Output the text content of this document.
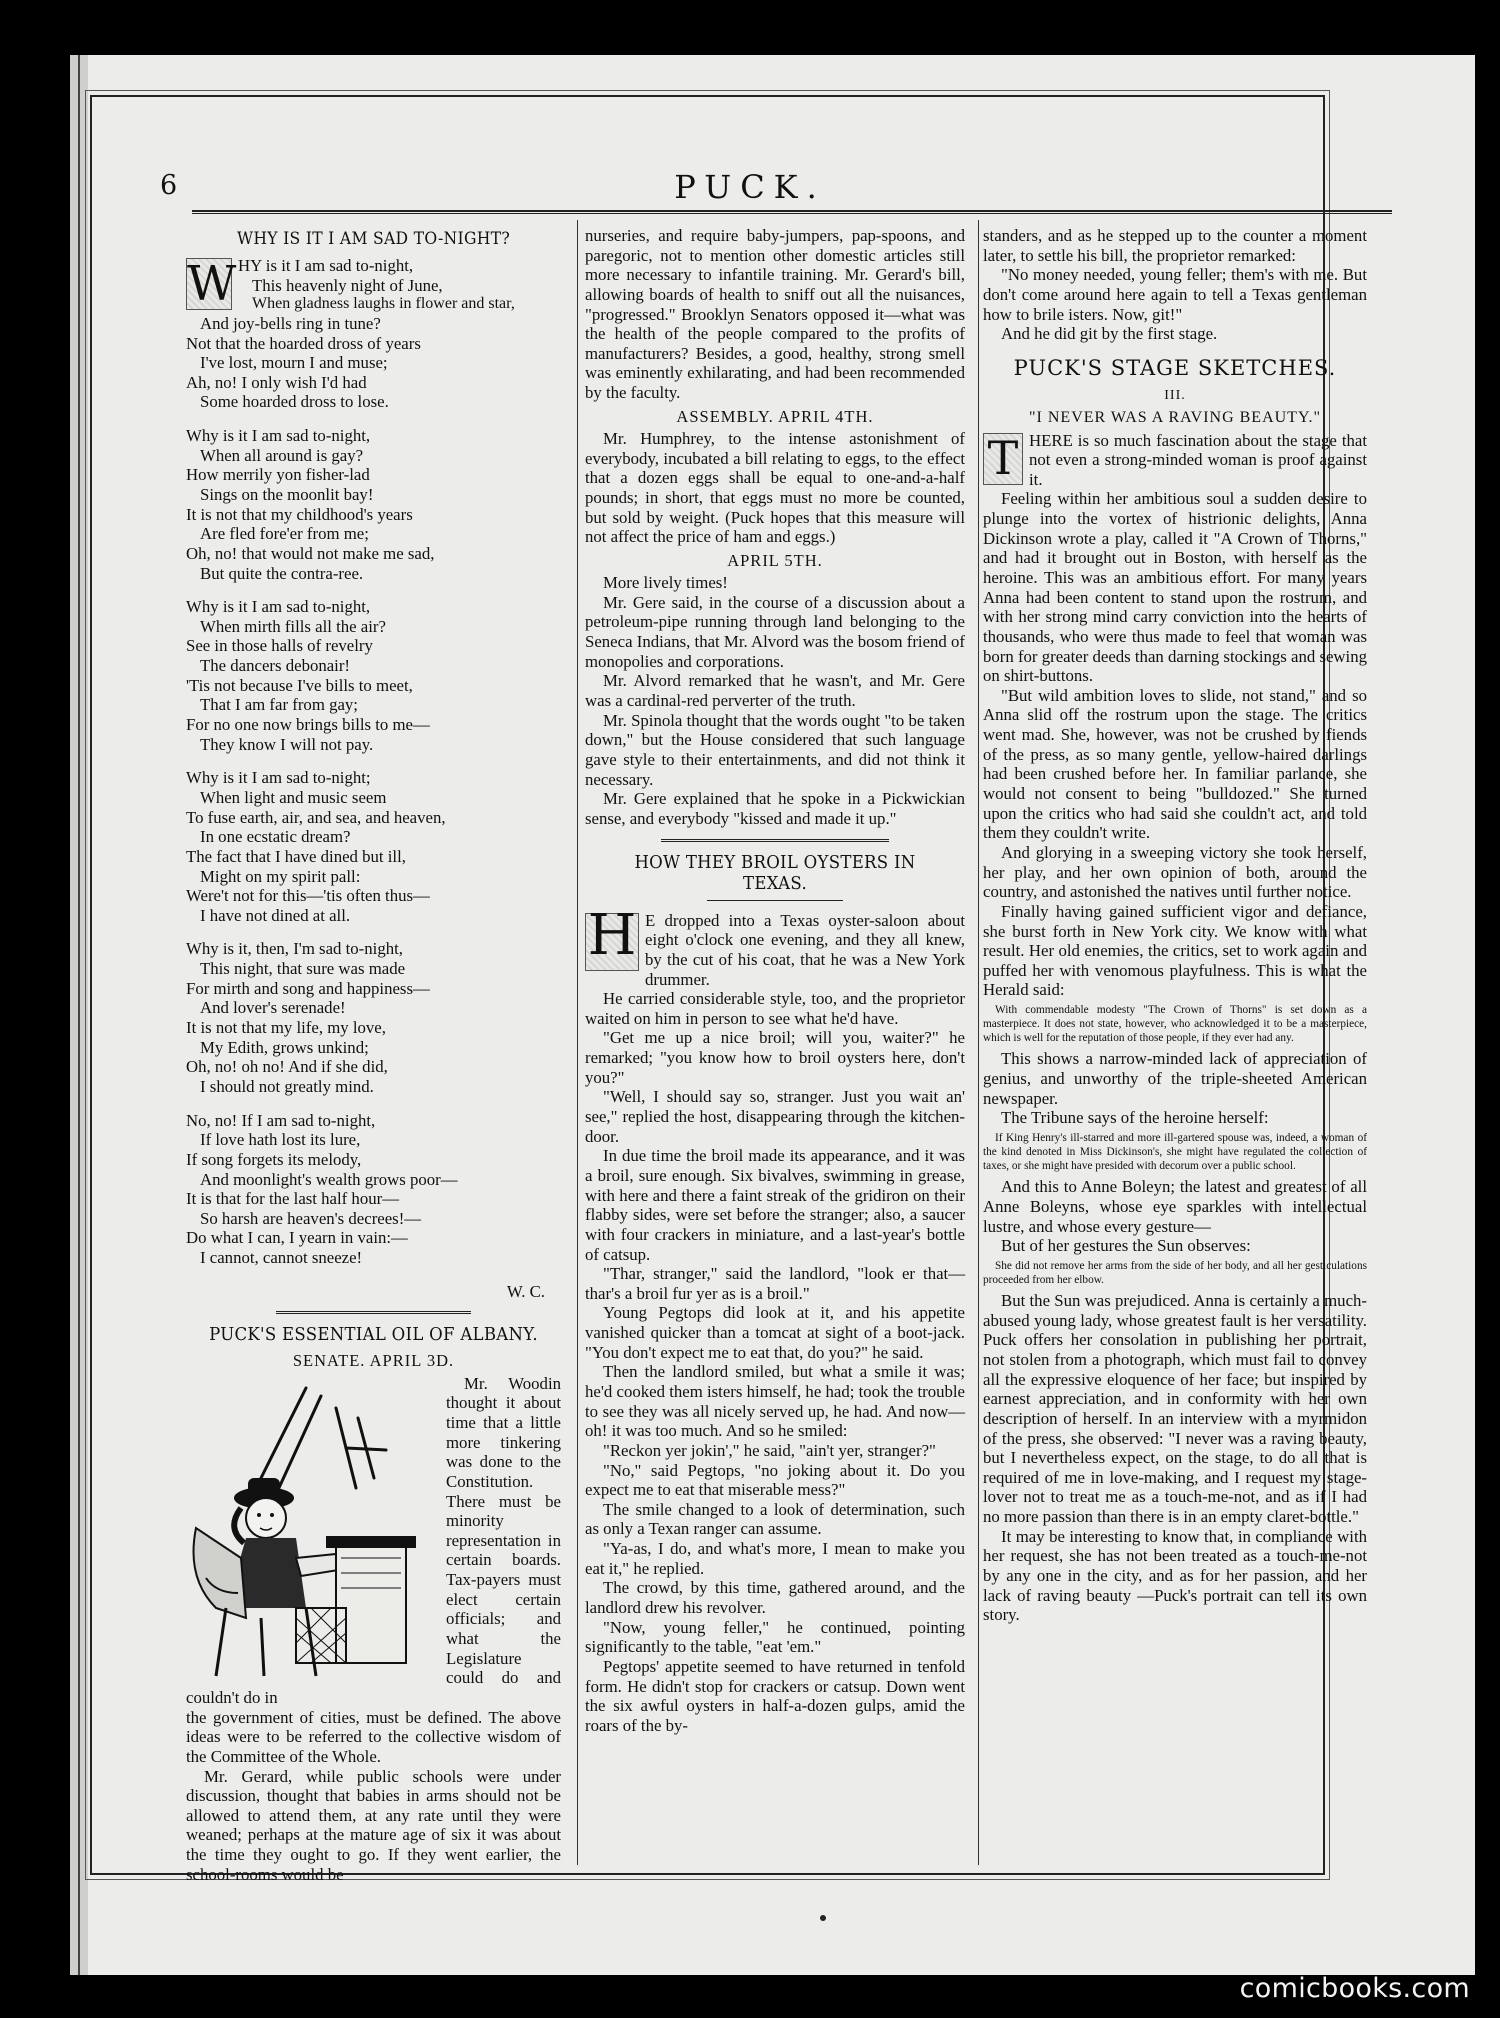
6	PUCK.
WHY IS IT I AM SAD TO-NIGHT?
W HY is it I am sad to-night,
This heavenly night of June,
When gladness laughs in flower and star,
And joy-bells ring in tune?
Not that the hoarded dross of years
I've lost, mourn I and muse;
Ah, no! I only wish I'd had
Some hoarded dross to lose.
Why is it I am sad to-night,
When all around is gay?
How merrily yon fisher-lad
Sings on the moonlit bay!
It is not that my childhood's years
Are fled fore'er from me;
Oh, no! that would not make me sad,
But quite the contra-ree.
Why is it I am sad to-night,
When mirth fills all the air?
See in those halls of revelry
The dancers debonair!
'Tis not because I've bills to meet,
That I am far from gay;
For no one now brings bills to me—
They know I will not pay.
Why is it I am sad to-night;
When light and music seem
To fuse earth, air, and sea, and heaven,
In one ecstatic dream?
The fact that I have dined but ill,
Might on my spirit pall:
Were't not for this—'tis often thus—
I have not dined at all.
Why is it, then, I'm sad to-night,
This night, that sure was made
For mirth and song and happiness—
And lover's serenade!
It is not that my life, my love,
My Edith, grows unkind;
Oh, no! oh no! And if she did,
I should not greatly mind.
No, no! If I am sad to-night,
If love hath lost its lure,
If song forgets its melody,
And moonlight's wealth grows poor—
It is that for the last half hour—
So harsh are heaven's decrees!—
Do what I can, I yearn in vain:—
I cannot, cannot sneeze!
W. C.
PUCK'S ESSENTIAL OIL OF ALBANY.
SENATE. APRIL 3D.

Mr. Woodin thought it about time that a little more tinkering was done to the Constitution. There must be minority representation in certain boards. Tax-payers must elect certain officials; and what the Legislature could do and couldn't do in

the government of cities, must be defined. The above ideas were to be referred to the collective wisdom of the Committee of the Whole.

Mr. Gerard, while public schools were under discussion, thought that babies in arms should not be allowed to attend them, at any rate until they were weaned; perhaps at the mature age of six it was about the time they ought to go. If they went earlier, the school-rooms would be

nurseries, and require baby-jumpers, pap-spoons, and paregoric, not to mention other domestic articles still more necessary to infantile training. Mr. Gerard's bill, allowing boards of health to sniff out all the nuisances, "progressed." Brooklyn Senators opposed it—what was the health of the people compared to the profits of manufacturers? Besides, a good, healthy, strong smell was eminently exhilarating, and had been recommended by the faculty.

ASSEMBLY. APRIL 4TH.

Mr. Humphrey, to the intense astonishment of everybody, incubated a bill relating to eggs, to the effect that a dozen eggs shall be equal to one-and-a-half pounds; in short, that eggs must no more be counted, but sold by weight. (Puck hopes that this measure will not affect the price of ham and eggs.)

APRIL 5TH.

More lively times!

Mr. Gere said, in the course of a discussion about a petroleum-pipe running through land belonging to the Seneca Indians, that Mr. Alvord was the bosom friend of monopolies and corporations.

Mr. Alvord remarked that he wasn't, and Mr. Gere was a cardinal-red perverter of the truth.

Mr. Spinola thought that the words ought "to be taken down," but the House considered that such language gave style to their entertainments, and did not think it necessary.

Mr. Gere explained that he spoke in a Pickwickian sense, and everybody "kissed and made it up."

HOW THEY BROIL OYSTERS IN TEXAS.

H E dropped into a Texas oyster-saloon about eight o'clock one evening, and they all knew, by the cut of his coat, that he was a New York drummer.

He carried considerable style, too, and the proprietor waited on him in person to see what he'd have.

"Get me up a nice broil; will you, waiter?" he remarked; "you know how to broil oysters here, don't you?"

"Well, I should say so, stranger. Just you wait an' see," replied the host, disappearing through the kitchen-door.

In due time the broil made its appearance, and it was a broil, sure enough. Six bivalves, swimming in grease, with here and there a faint streak of the gridiron on their flabby sides, were set before the stranger; also, a saucer with four crackers in miniature, and a last-year's bottle of catsup.

"Thar, stranger," said the landlord, "look er that—thar's a broil fur yer as is a broil."

Young Pegtops did look at it, and his appetite vanished quicker than a tomcat at sight of a boot-jack. "You don't expect me to eat that, do you?" he said.

Then the landlord smiled, but what a smile it was; he'd cooked them isters himself, he had; took the trouble to see they was all nicely served up, he had. And now—oh! it was too much. And so he smiled:

"Reckon yer jokin'," he said, "ain't yer, stranger?"

"No," said Pegtops, "no joking about it. Do you expect me to eat that miserable mess?"

The smile changed to a look of determination, such as only a Texan ranger can assume.

"Ya-as, I do, and what's more, I mean to make you eat it," he replied.

The crowd, by this time, gathered around, and the landlord drew his revolver.

"Now, young feller," he continued, pointing significantly to the table, "eat 'em."

Pegtops' appetite seemed to have returned in tenfold form. He didn't stop for crackers or catsup. Down went the six awful oysters in half-a-dozen gulps, amid the roars of the by-

standers, and as he stepped up to the counter a moment later, to settle his bill, the proprietor remarked:

"No money needed, young feller; them's with me. But don't come around here again to tell a Texas gentleman how to brile isters. Now, git!"

And he did git by the first stage.

PUCK'S STAGE SKETCHES.
III.
"I NEVER WAS A RAVING BEAUTY."

T HERE is so much fascination about the stage that not even a strong-minded woman is proof against it.

Feeling within her ambitious soul a sudden desire to plunge into the vortex of histrionic delights, Anna Dickinson wrote a play, called it "A Crown of Thorns," and had it brought out in Boston, with herself as the heroine. This was an ambitious effort. For many years Anna had been content to stand upon the rostrum, and with her strong mind carry conviction into the hearts of thousands, who were thus made to feel that woman was born for greater deeds than darning stockings and sewing on shirt-buttons.

"But wild ambition loves to slide, not stand," and so Anna slid off the rostrum upon the stage. The critics went mad. She, however, was not be crushed by fiends of the press, as so many gentle, yellow-haired darlings had been crushed before her. In familiar parlance, she would not consent to being "bulldozed." She turned upon the critics who had said she couldn't act, and told them they couldn't write.

And glorying in a sweeping victory she took herself, her play, and her own opinion of both, around the country, and astonished the natives until further notice.

Finally having gained sufficient vigor and defiance, she burst forth in New York city. We know with what result. Her old enemies, the critics, set to work again and puffed her with venomous playfulness. This is what the Herald said:

With commendable modesty "The Crown of Thorns" is set down as a masterpiece. It does not state, however, who acknowledged it to be a masterpiece, which is well for the reputation of those people, if they ever had any.

This shows a narrow-minded lack of appreciation of genius, and unworthy of the triple-sheeted American newspaper.

The Tribune says of the heroine herself:

If King Henry's ill-starred and more ill-gartered spouse was, indeed, a woman of the kind denoted in Miss Dickinson's, she might have regulated the collection of taxes, or she might have presided with decorum over a public school.

And this to Anne Boleyn; the latest and greatest of all Anne Boleyns, whose eye sparkles with intellectual lustre, and whose every gesture—

But of her gestures the Sun observes:

She did not remove her arms from the side of her body, and all her gesticulations proceeded from her elbow.

But the Sun was prejudiced. Anna is certainly a much-abused young lady, whose greatest fault is her versatility. Puck offers her consolation in publishing her portrait, not stolen from a photograph, which must fail to convey all the expressive eloquence of her face; but inspired by earnest appreciation, and in conformity with her own description of herself. In an interview with a myrmidon of the press, she observed: "I never was a raving beauty, but I nevertheless expect, on the stage, to do all that is required of me in love-making, and I request my stage-lover not to treat me as a touch-me-not, and as if I had no more passion than there is in an empty claret-bottle."

It may be interesting to know that, in compliance with her request, she has not been treated as a touch-me-not by any one in the city, and as for her passion, and her lack of raving beauty —Puck's portrait can tell its own story.

comicbooks.com
